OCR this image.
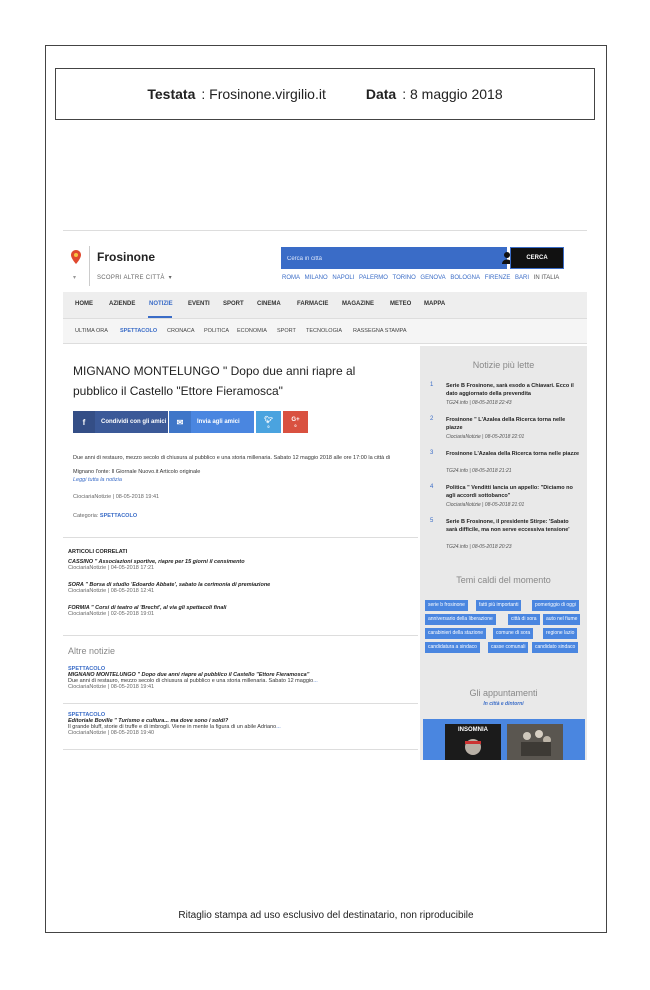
Testata : Frosinone.virgilio.it	Data : 8 maggio 2018
▾
Frosinone
SCOPRI ALTRE CITTÀ  ▾
Cerca in città
CERCA
ROMA MILANO NAPOLI PALERMO TORINO GENOVA BOLOGNA FIRENZE BARI IN ITALIA
HOME	AZIENDE NOTIZIE	EVENTI SPORT CINEMA	FARMACIE MAGAZINE	METEO MAPPA
ULTIMA ORA SPETTACOLO CRONACA POLITICA ECONOMIA SPORT TECNOLOGIA RASSEGNA STAMPA
MIGNANO MONTELUNGO " Dopo due anni riapre al pubblico il Castello "Ettore Fieramosca"
f	Condividi con gli amici	✉	Invia agli amici	🐦︎
0
G+
0
Due anni di restauro, mezzo secolo di chiusura al pubblico e una storia millenaria. Sabato 12 maggio 2018 alle ore 17:00 la città di Mignano l'onte: Il Giornale Nuovo.it Articolo originale
Leggi tutta la notizia
CiociariaNotizie | 08-05-2018 19:41
Categoria: SPETTACOLO
ARTICOLI CORRELATI
CASSINO " Associazioni sportive, riapre per 15 giorni il censimento
CiociariaNotizie | 04-05-2018 17:21
SORA " Borsa di studio 'Edoardo Abbate', sabato la cerimonia di premiazione
CiociariaNotizie | 08-05-2018 12:41
FORMIA " Corsi di teatro al 'Brecht', al via gli spettacoli finali
CiociariaNotizie | 02-05-2018 19:01
Altre notizie
SPETTACOLO
MIGNANO MONTELUNGO " Dopo due anni riapre al pubblico il Castello "Ettore Fieramosca"
Due anni di restauro, mezzo secolo di chiusura al pubblico e una storia millenaria. Sabato 12 maggio...
CiociariaNotizie | 08-05-2018 19:41
SPETTACOLO
Editoriale Boville " Turismo e cultura... ma dove sono i soldi?
Il grande bluff, storie di truffe e di imbrogli. Viene in mente la figura di un abile Adriano...
CiociariaNotizie | 08-05-2018 19:40
Notizie più lette
1 Serie B Frosinone, sarà esodo a Chiavari. Ecco il dato aggiornato della prevendita
TG24.info | 08-05-2018 22:43
2 Frosinone " L'Azalea della Ricerca torna nelle piazze
CiociariaNotizie | 08-05-2018 22:01
3 Frosinone L'Azalea della Ricerca torna nelle piazze
TG24.info | 08-05-2018 21:21
4 Politica " Venditti lancia un appello: "Diciamo no agli accordi sottobanco"
CiociariaNotizie | 08-05-2018 21:01
5 Serie B Frosinone, il presidente Stirpe: 'Sabato sarà difficile, ma non serve eccessiva tensione'
TG24.info | 08-05-2018 20:23
Temi caldi del momento
serie b frosinone	fatti più importanti	pomeriggio di oggi
anniversario della liberazione	città di sora	auto nel fiume
carabinieri della stazione	comune di sora	regione lazio
candidatura a sindaco	casse comunali	candidato sindaco
Gli appuntamenti
In città e dintorni
INSOMNIA
Ritaglio stampa ad uso esclusivo del destinatario, non riproducibile
